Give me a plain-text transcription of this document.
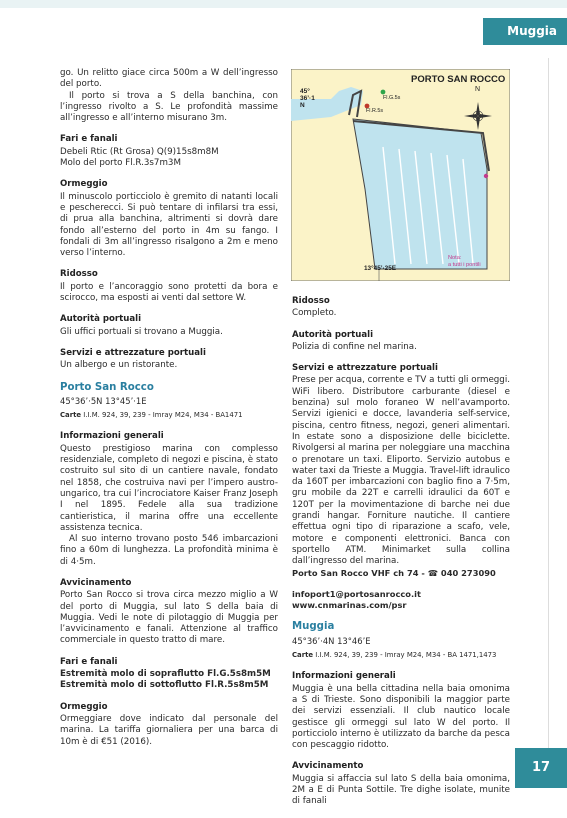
Muggia

go. Un relitto giace circa 500m a W dell’ingresso del porto.

Il porto si trova a S della banchina, con l’ingresso rivolto a S. Le profondità massime all’ingresso e all’interno misurano 3m.

Fari e fanali

Debeli Rtic (Rt Grosa) Q(9)15s8m8M

Molo del porto Fl.R.3s7m3M

Ormeggio

Il minuscolo porticciolo è gremito di natanti locali e pescherecci. Si può tentare di infilarsi tra essi, di prua alla banchina, altrimenti si dovrà dare fondo all’esterno del porto in 4m su fango. I fondali di 3m all’ingresso risalgono a 2m e meno verso l’interno.

Ridosso

Il porto e l’ancoraggio sono protetti da bora e scirocco, ma esposti ai venti dal settore W.

Autorità portuali

Gli uffici portuali si trovano a Muggia.

Servizi e attrezzature portuali

Un albergo e un ristorante.

Porto San Rocco
45°36’·5N 13°45’·1E
Carte I.I.M. 924, 39, 239 - Imray M24, M34 - BA1471
Informazioni generali

Questo prestigioso marina con complesso residenziale, completo di negozi e piscina, è stato costruito sul sito di un cantiere navale, fondato nel 1858, che costruiva navi per l’impero austro-ungarico, tra cui l’incrociatore Kaiser Franz Joseph I nel 1895. Fedele alla sua tradizione cantieristica, il marina offre una eccellente assistenza tecnica.

Al suo interno trovano posto 546 imbarcazioni fino a 60m di lunghezza. La profondità minima è di 4·5m.

Avvicinamento

Porto San Rocco si trova circa mezzo miglio a W del porto di Muggia, sul lato S della baia di Muggia. Vedi le note di pilotaggio di Muggia per l’avvicinamento e fanali. Attenzione al traffico commerciale in questo tratto di mare.

Fari e fanali

Estremità molo di sopraflutto Fl.G.5s8m5M

Estremità molo di sottoflutto Fl.R.5s8m5M

Ormeggio

Ormeggiare dove indicato dal personale del marina. La tariffa giornaliera per una barca di 10m è di €51 (2016).

PORTO SAN ROCCO
N
45°
36’·1
N
Fl.G.5s
Fl.R.5s
13°45’·25E
Nota:
a tutti i pontili
Ridosso

Completo.

Autorità portuali

Polizia di confine nel marina.

Servizi e attrezzature portuali

Prese per acqua, corrente e TV a tutti gli ormeggi. WiFi libero. Distributore carburante (diesel e benzina) sul molo foraneo W nell’avamporto. Servizi igienici e docce, lavanderia self-service, piscina, centro fitness, negozi, generi alimentari. In estate sono a disposizione delle biciclette. Rivolgersi al marina per noleggiare una macchina o prenotare un taxi. Eliporto. Servizio autobus e water taxi da Trieste a Muggia. Travel-lift idraulico da 160T per imbarcazioni con baglio fino a 7·5m, gru mobile da 22T e carrelli idraulici da 60T e 120T per la movimentazione di barche nei due grandi hangar. Forniture nautiche. Il cantiere effettua ogni tipo di riparazione a scafo, vele, motore e componenti elettronici. Banca con sportello ATM. Minimarket sulla collina dall’ingresso del marina.

Porto San Rocco VHF ch 74 - ☎ 040 273090

infoport1@portosanrocco.it www.cnmarinas.com/psr

Muggia
45°36’·4N 13°46’E
Carte I.I.M. 924, 39, 239 - Imray M24, M34 - BA 1471,1473
Informazioni generali

Muggia è una bella cittadina nella baia omonima a S di Trieste. Sono disponibili la maggior parte dei servizi essenziali. Il club nautico locale gestisce gli ormeggi sul lato W del porto. Il porticciolo interno è utilizzato da barche da pesca con pescaggio ridotto.

Avvicinamento

Muggia si affaccia sul lato S della baia omonima, 2M a E di Punta Sottile. Tre dighe isolate, munite di fanali

17
